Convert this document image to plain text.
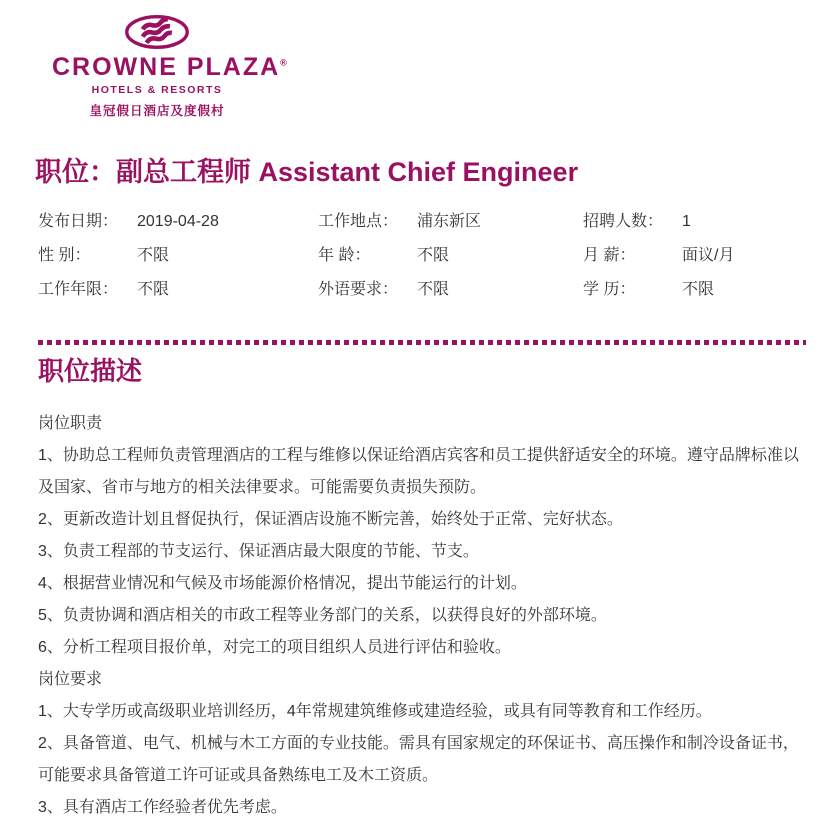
CROWNE PLAZA®
HOTELS & RESORTS
皇冠假日酒店及度假村
职位：副总工程师 Assistant Chief Engineer
发布日期： 2019-04-28	工作地点： 浦东新区	招聘人数： 1
性 别：	不限	年 龄：	不限	月 薪：	面议/月
工作年限： 不限	外语要求： 不限	学 历：	不限
职位描述

岗位职责

1、协助总工程师负责管理酒店的工程与维修以保证给酒店宾客和员工提供舒适安全的环境。遵守品牌标准以及国家、省市与地方的相关法律要求。可能需要负责损失预防。

2、更新改造计划且督促执行，保证酒店设施不断完善，始终处于正常、完好状态。

3、负责工程部的节支运行、保证酒店最大限度的节能、节支。

4、根据营业情况和气候及市场能源价格情况，提出节能运行的计划。

5、负责协调和酒店相关的市政工程等业务部门的关系，以获得良好的外部环境。

6、分析工程项目报价单，对完工的项目组织人员进行评估和验收。

岗位要求

1、大专学历或高级职业培训经历，4年常规建筑维修或建造经验，或具有同等教育和工作经历。

2、具备管道、电气、机械与木工方面的专业技能。需具有国家规定的环保证书、高压操作和制冷设备证书，可能要求具备管道工许可证或具备熟练电工及木工资质。

3、具有酒店工作经验者优先考虑。
